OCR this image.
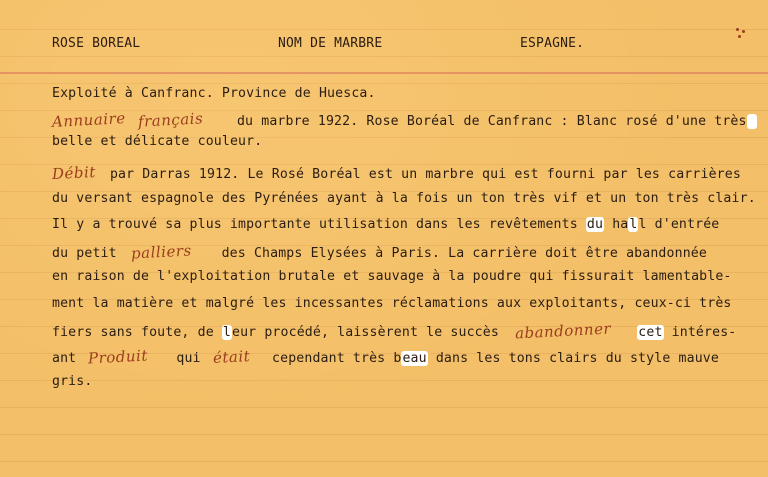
ROSE BOREAL	NOM DE MARBRE	ESPAGNE.
Exploité à Canfranc. Province de Huesca.
Annuaire français	du marbre 1922. Rose Boréal de Canfranc : Blanc rosé d'une très
belle et délicate couleur.
Débit par Darras 1912. Le Rosé Boréal est un marbre qui est fourni par les carrières
du versant espagnole des Pyrénées ayant à la fois un ton très vif et un ton très clair.
Il y a trouvé sa plus importante utilisation dans les revêtements du hall d'entrée
du petit palliers des Champs Elysées à Paris. La carrière doit être abandonnée
en raison de l'exploitation brutale et sauvage à la poudre qui fissurait lamentable-
ment la matière et malgré les incessantes réclamations aux exploitants, ceux-ci très
fiers sans foute, de leur procédé, laissèrent le succès abandonner cet intéres-
ant Produit qui était cependant très beau dans les tons clairs du style mauve
gris.
